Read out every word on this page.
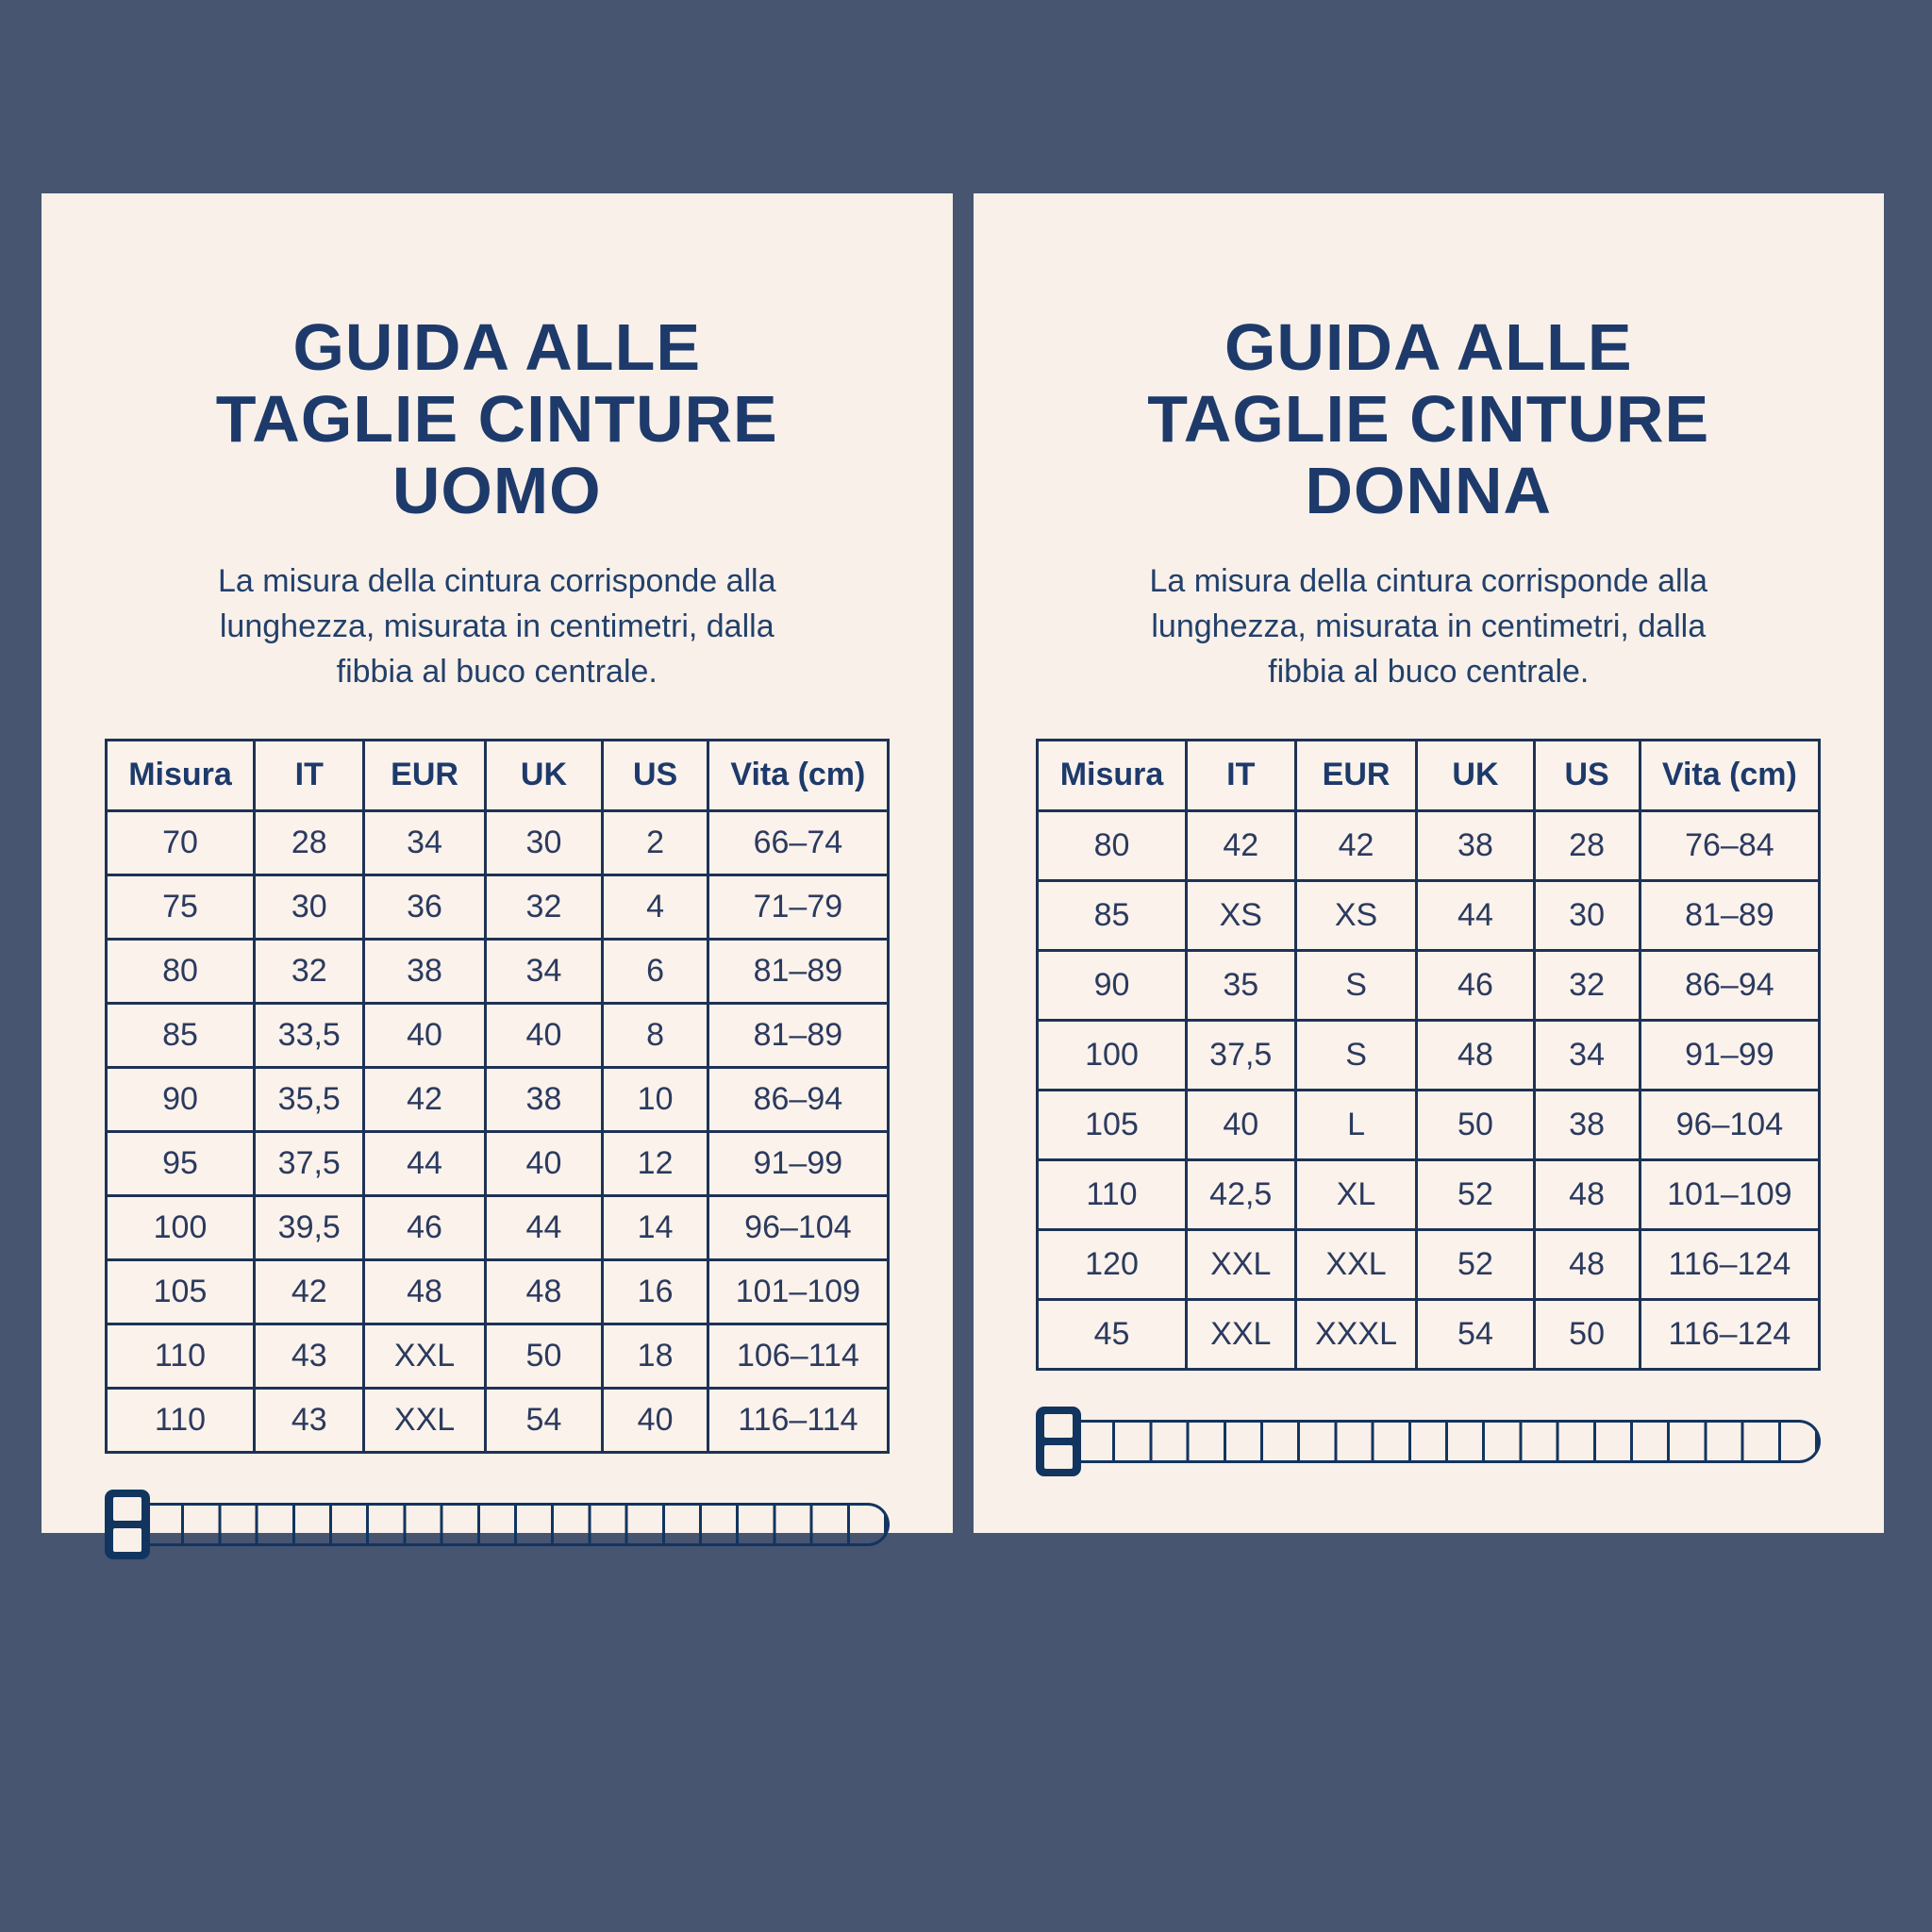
GUIDA ALLE
TAGLIE CINTURE
UOMO
La misura della cintura corrisponde alla
lunghezza, misurata in centimetri, dalla
fibbia al buco centrale.
Misura	IT	EUR	UK	US	Vita (cm)
70	28	34	30	2	66–74
75	30	36	32	4	71–79
80	32	38	34	6	81–89
85	33,5	40	40	8	81–89
90	35,5	42	38	10	86–94
95	37,5	44	40	12	91–99
100	39,5	46	44	14	96–104
105	42	48	48	16	101–109
110	43	XXL	50	18	106–114
110	43	XXL	54	40	116–114
GUIDA ALLE
TAGLIE CINTURE
DONNA
La misura della cintura corrisponde alla
lunghezza, misurata in centimetri, dalla
fibbia al buco centrale.
Misura	IT	EUR	UK	US	Vita (cm)
80	42	42	38	28	76–84
85	XS	XS	44	30	81–89
90	35	S	46	32	86–94
100	37,5	S	48	34	91–99
105	40	L	50	38	96–104
110	42,5	XL	52	48	101–109
120	XXL	XXL	52	48	116–124
45	XXL	XXXL	54	50	116–124
